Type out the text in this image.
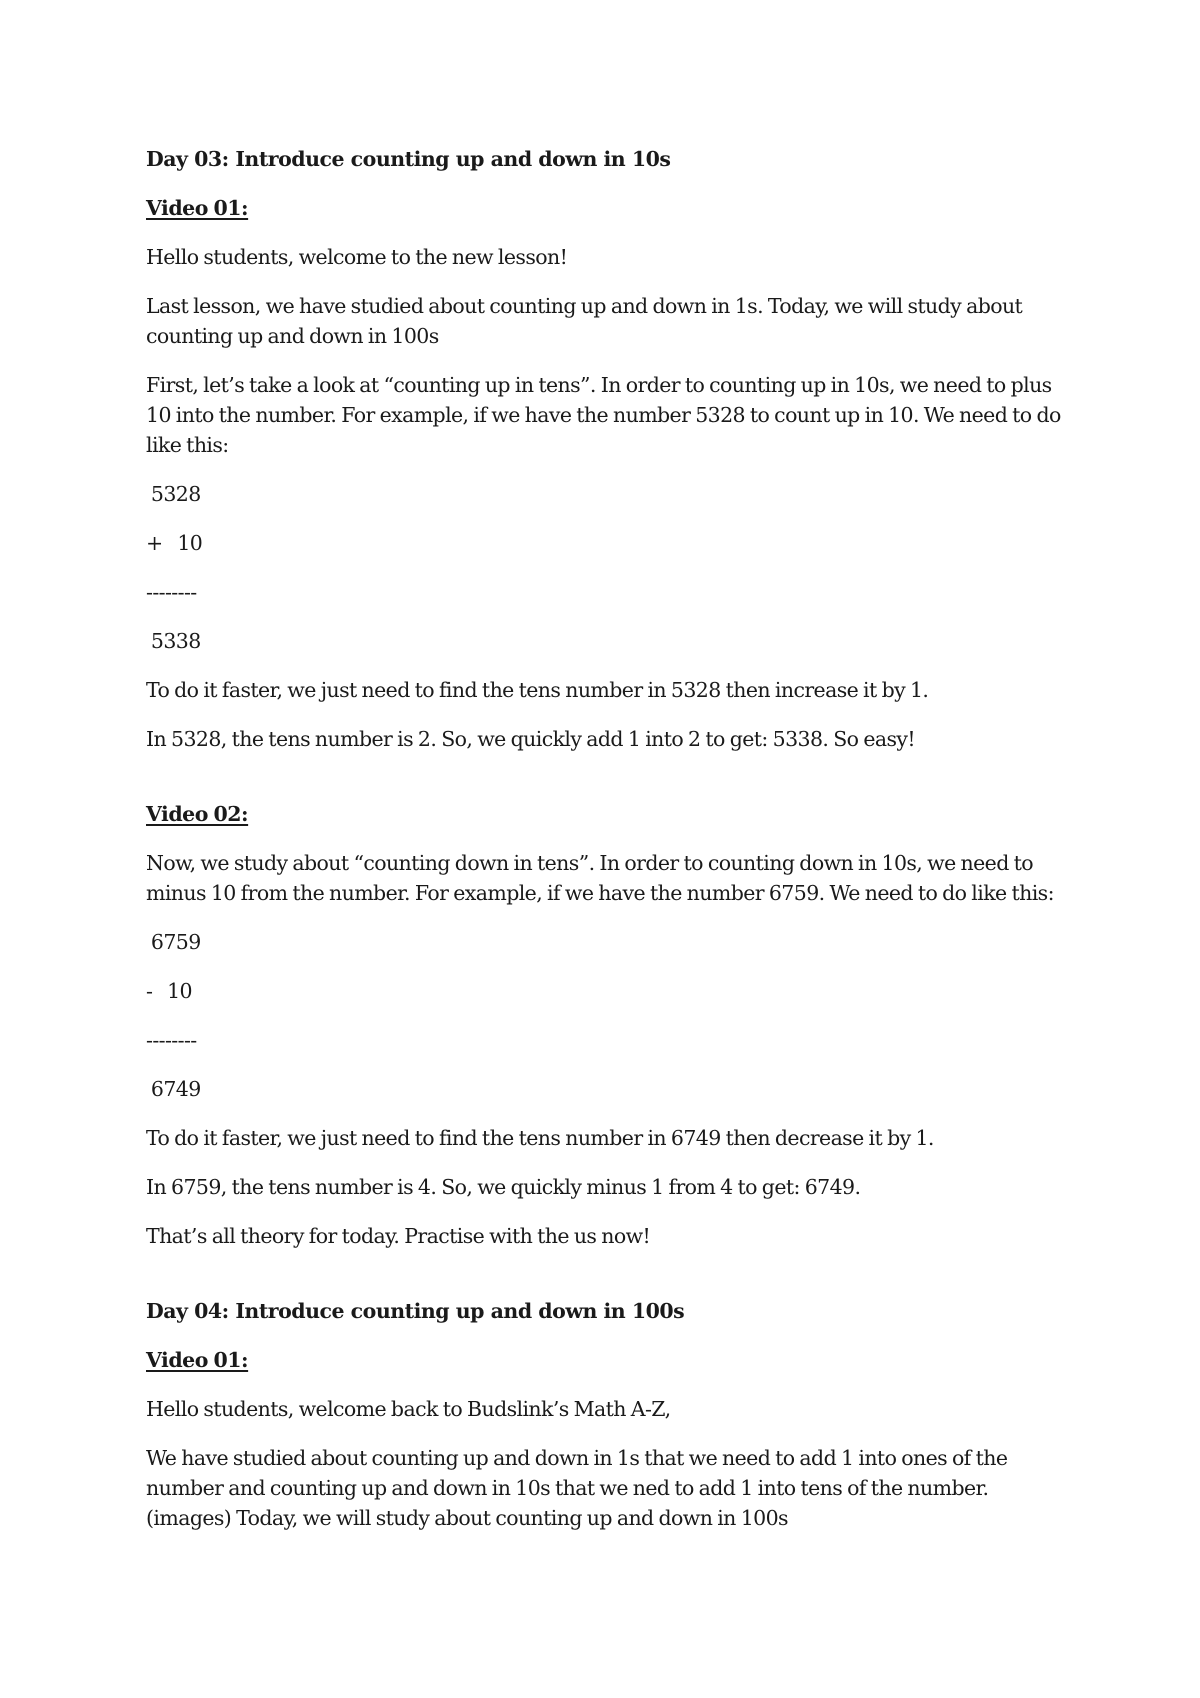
Day 03: Introduce counting up and down in 10s

Video 01:

Hello students, welcome to the new lesson!

Last lesson, we have studied about counting up and down in 1s. Today, we will study about counting up and down in 100s

First, let’s take a look at “counting up in tens”. In order to counting up in 10s, we need to plus 10 into the number. For example, if we have the number 5328 to count up in 10. We need to do like this:

5328

+   10

--------

5338

To do it faster, we just need to find the tens number in 5328 then increase it by 1.

In 5328, the tens number is 2. So, we quickly add 1 into 2 to get: 5338. So easy!

Video 02:

Now, we study about “counting down in tens”. In order to counting down in 10s, we need to minus 10 from the number. For example, if we have the number 6759. We need to do like this:

6759

-   10

--------

6749

To do it faster, we just need to find the tens number in 6749 then decrease it by 1.

In 6759, the tens number is 4. So, we quickly minus 1 from 4 to get: 6749.

That’s all theory for today. Practise with the us now!

Day 04: Introduce counting up and down in 100s

Video 01:

Hello students, welcome back to Budslink’s Math A-Z,

We have studied about counting up and down in 1s that we need to add 1 into ones of the number and counting up and down in 10s that we ned to add 1 into tens of the number. (images) Today, we will study about counting up and down in 100s
